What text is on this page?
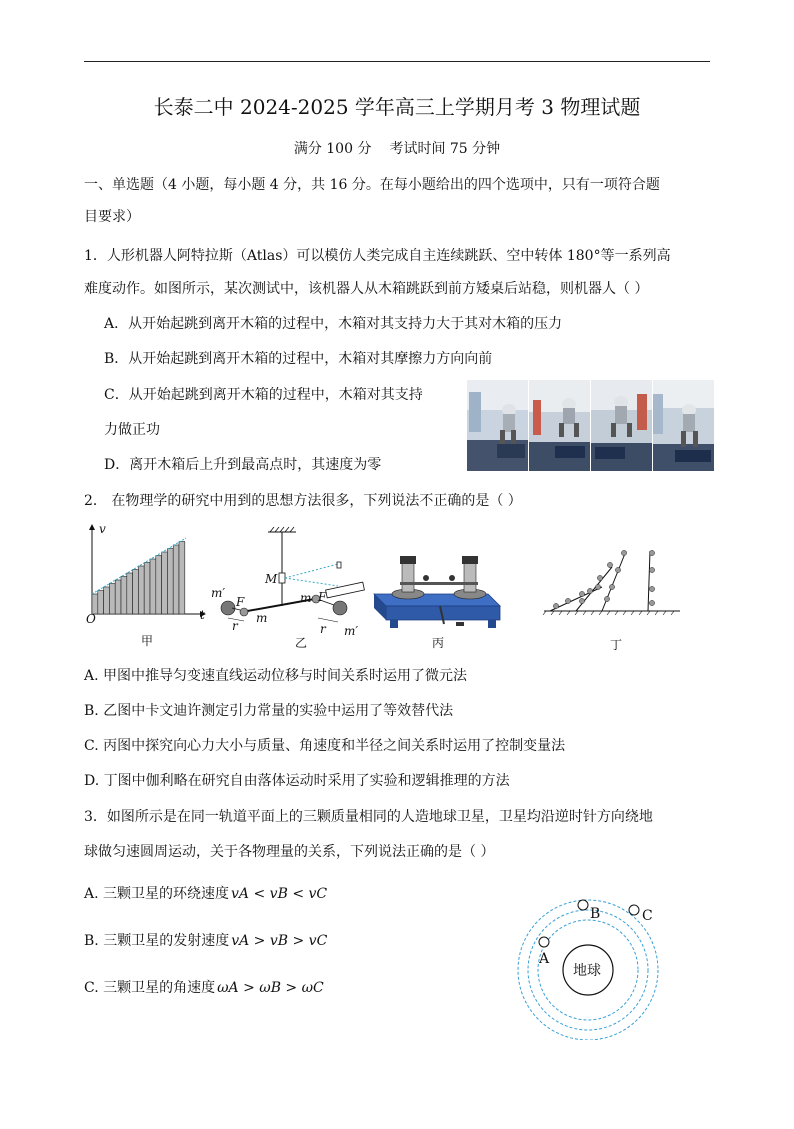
长泰二中 2024-2025 学年高三上学期月考 3 物理试题
满分 100 分 考试时间 75 分钟
一、单选题（4 小题，每小题 4 分，共 16 分。在每小题给出的四个选项中，只有一项符合题
目要求）
1．人形机器人阿特拉斯（Atlas）可以模仿人类完成自主连续跳跃、空中转体 180°等一系列高
难度动作。如图所示，某次测试中，该机器人从木箱跳跃到前方矮桌后站稳，则机器人（ ）
A．从开始起跳到离开木箱的过程中，木箱对其支持力大于其对木箱的压力
B．从开始起跳到离开木箱的过程中，木箱对其摩擦力方向向前
C．从开始起跳到离开木箱的过程中，木箱对其支持
力做正功
D．离开木箱后上升到最高点时，其速度为零
2． 在物理学的研究中用到的思想方法很多，下列说法不正确的是（ ）
v
t
O
甲
M
m′
F
m
r
m F
m′
r
乙	丙	丁
A. 甲图中推导匀变速直线运动位移与时间关系时运用了微元法
B. 乙图中卡文迪许测定引力常量的实验中运用了等效替代法
C. 丙图中探究向心力大小与质量、角速度和半径之间关系时运用了控制变量法
D. 丁图中伽利略在研究自由落体运动时采用了实验和逻辑推理的方法
3．如图所示是在同一轨道平面上的三颗质量相同的人造地球卫星，卫星均沿逆时针方向绕地
球做匀速圆周运动，关于各物理量的关系，下列说法正确的是（ ）
A. 三颗卫星的环绕速度 vA < vB < vC
B. 三颗卫星的发射速度 vA > vB > vC
C. 三颗卫星的角速度 ωA > ωB > ωC
地球
A
B	C
